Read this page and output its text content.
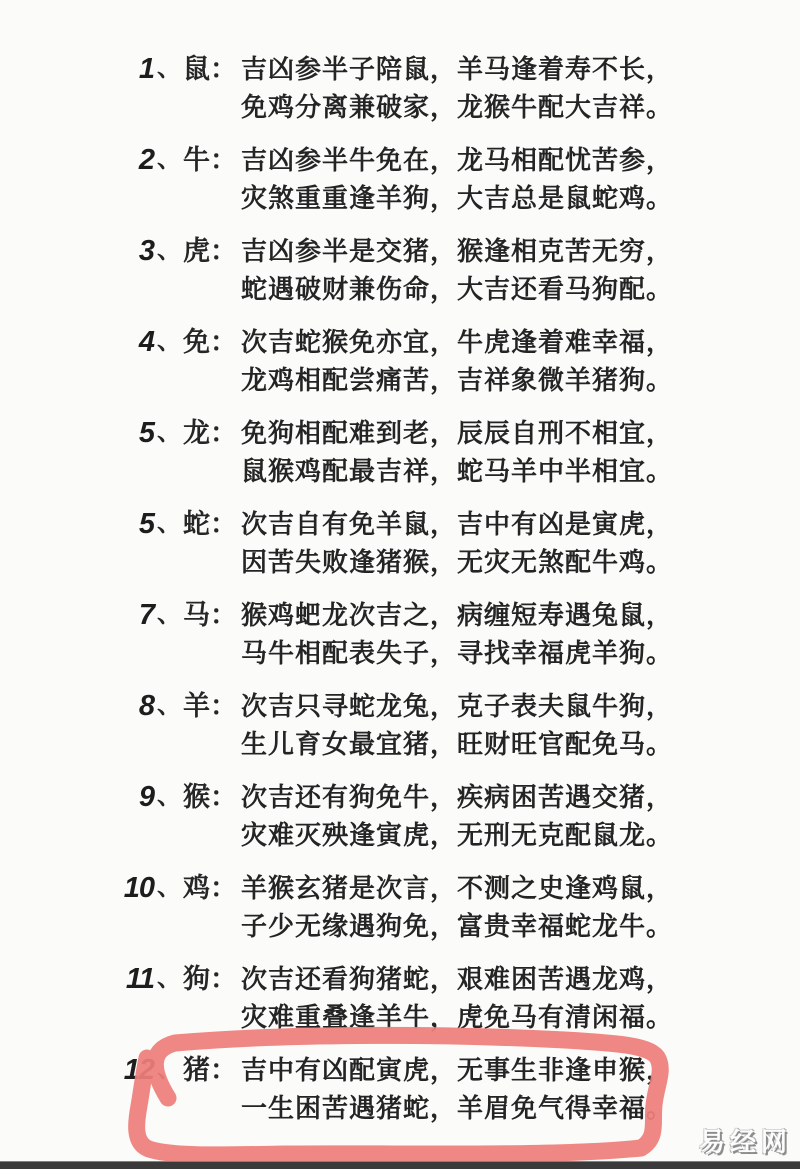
1 、 鼠： 吉凶参半子陪鼠，羊马逢着寿不长，
免鸡分离兼破家，龙猴牛配大吉祥。
2 、 牛： 吉凶参半牛免在，龙马相配忧苦参，
灾煞重重逢羊狗，大吉总是鼠蛇鸡。
3 、 虎： 吉凶参半是交猪，猴逢相克苦无穷，
蛇遇破财兼伤命，大吉还看马狗配。
4 、 免： 次吉蛇猴免亦宜，牛虎逢着难幸福，
龙鸡相配尝痛苦，吉祥象微羊猪狗。
5 、 龙： 免狗相配难到老，辰辰自刑不相宜，
鼠猴鸡配最吉祥，蛇马羊中半相宜。
5 、 蛇： 次吉自有免羊鼠，吉中有凶是寅虎，
因苦失败逢猪猴，无灾无煞配牛鸡。
7 、 马： 猴鸡蚆龙次吉之，病缠短寿遇兔鼠，
马牛相配表失子，寻找幸福虎羊狗。
8 、 羊： 次吉只寻蛇龙兔，克子表夫鼠牛狗，
生儿育女最宜猪，旺财旺官配免马。
9 、 猴： 次吉还有狗免牛，疾病困苦遇交猪，
灾难灭殃逢寅虎，无刑无克配鼠龙。
10 、 鸡： 羊猴玄猪是次言，不测之史逢鸡鼠，
子少无缘遇狗免，富贵幸福蛇龙牛。
11 、 狗： 次吉还看狗猪蛇，艰难困苦遇龙鸡，
灾难重叠逢羊牛，虎免马有清闲福。
12 、 猪： 吉中有凶配寅虎，无事生非逢申猴，
一生困苦遇猪蛇，羊眉免气得幸福。
易经网
